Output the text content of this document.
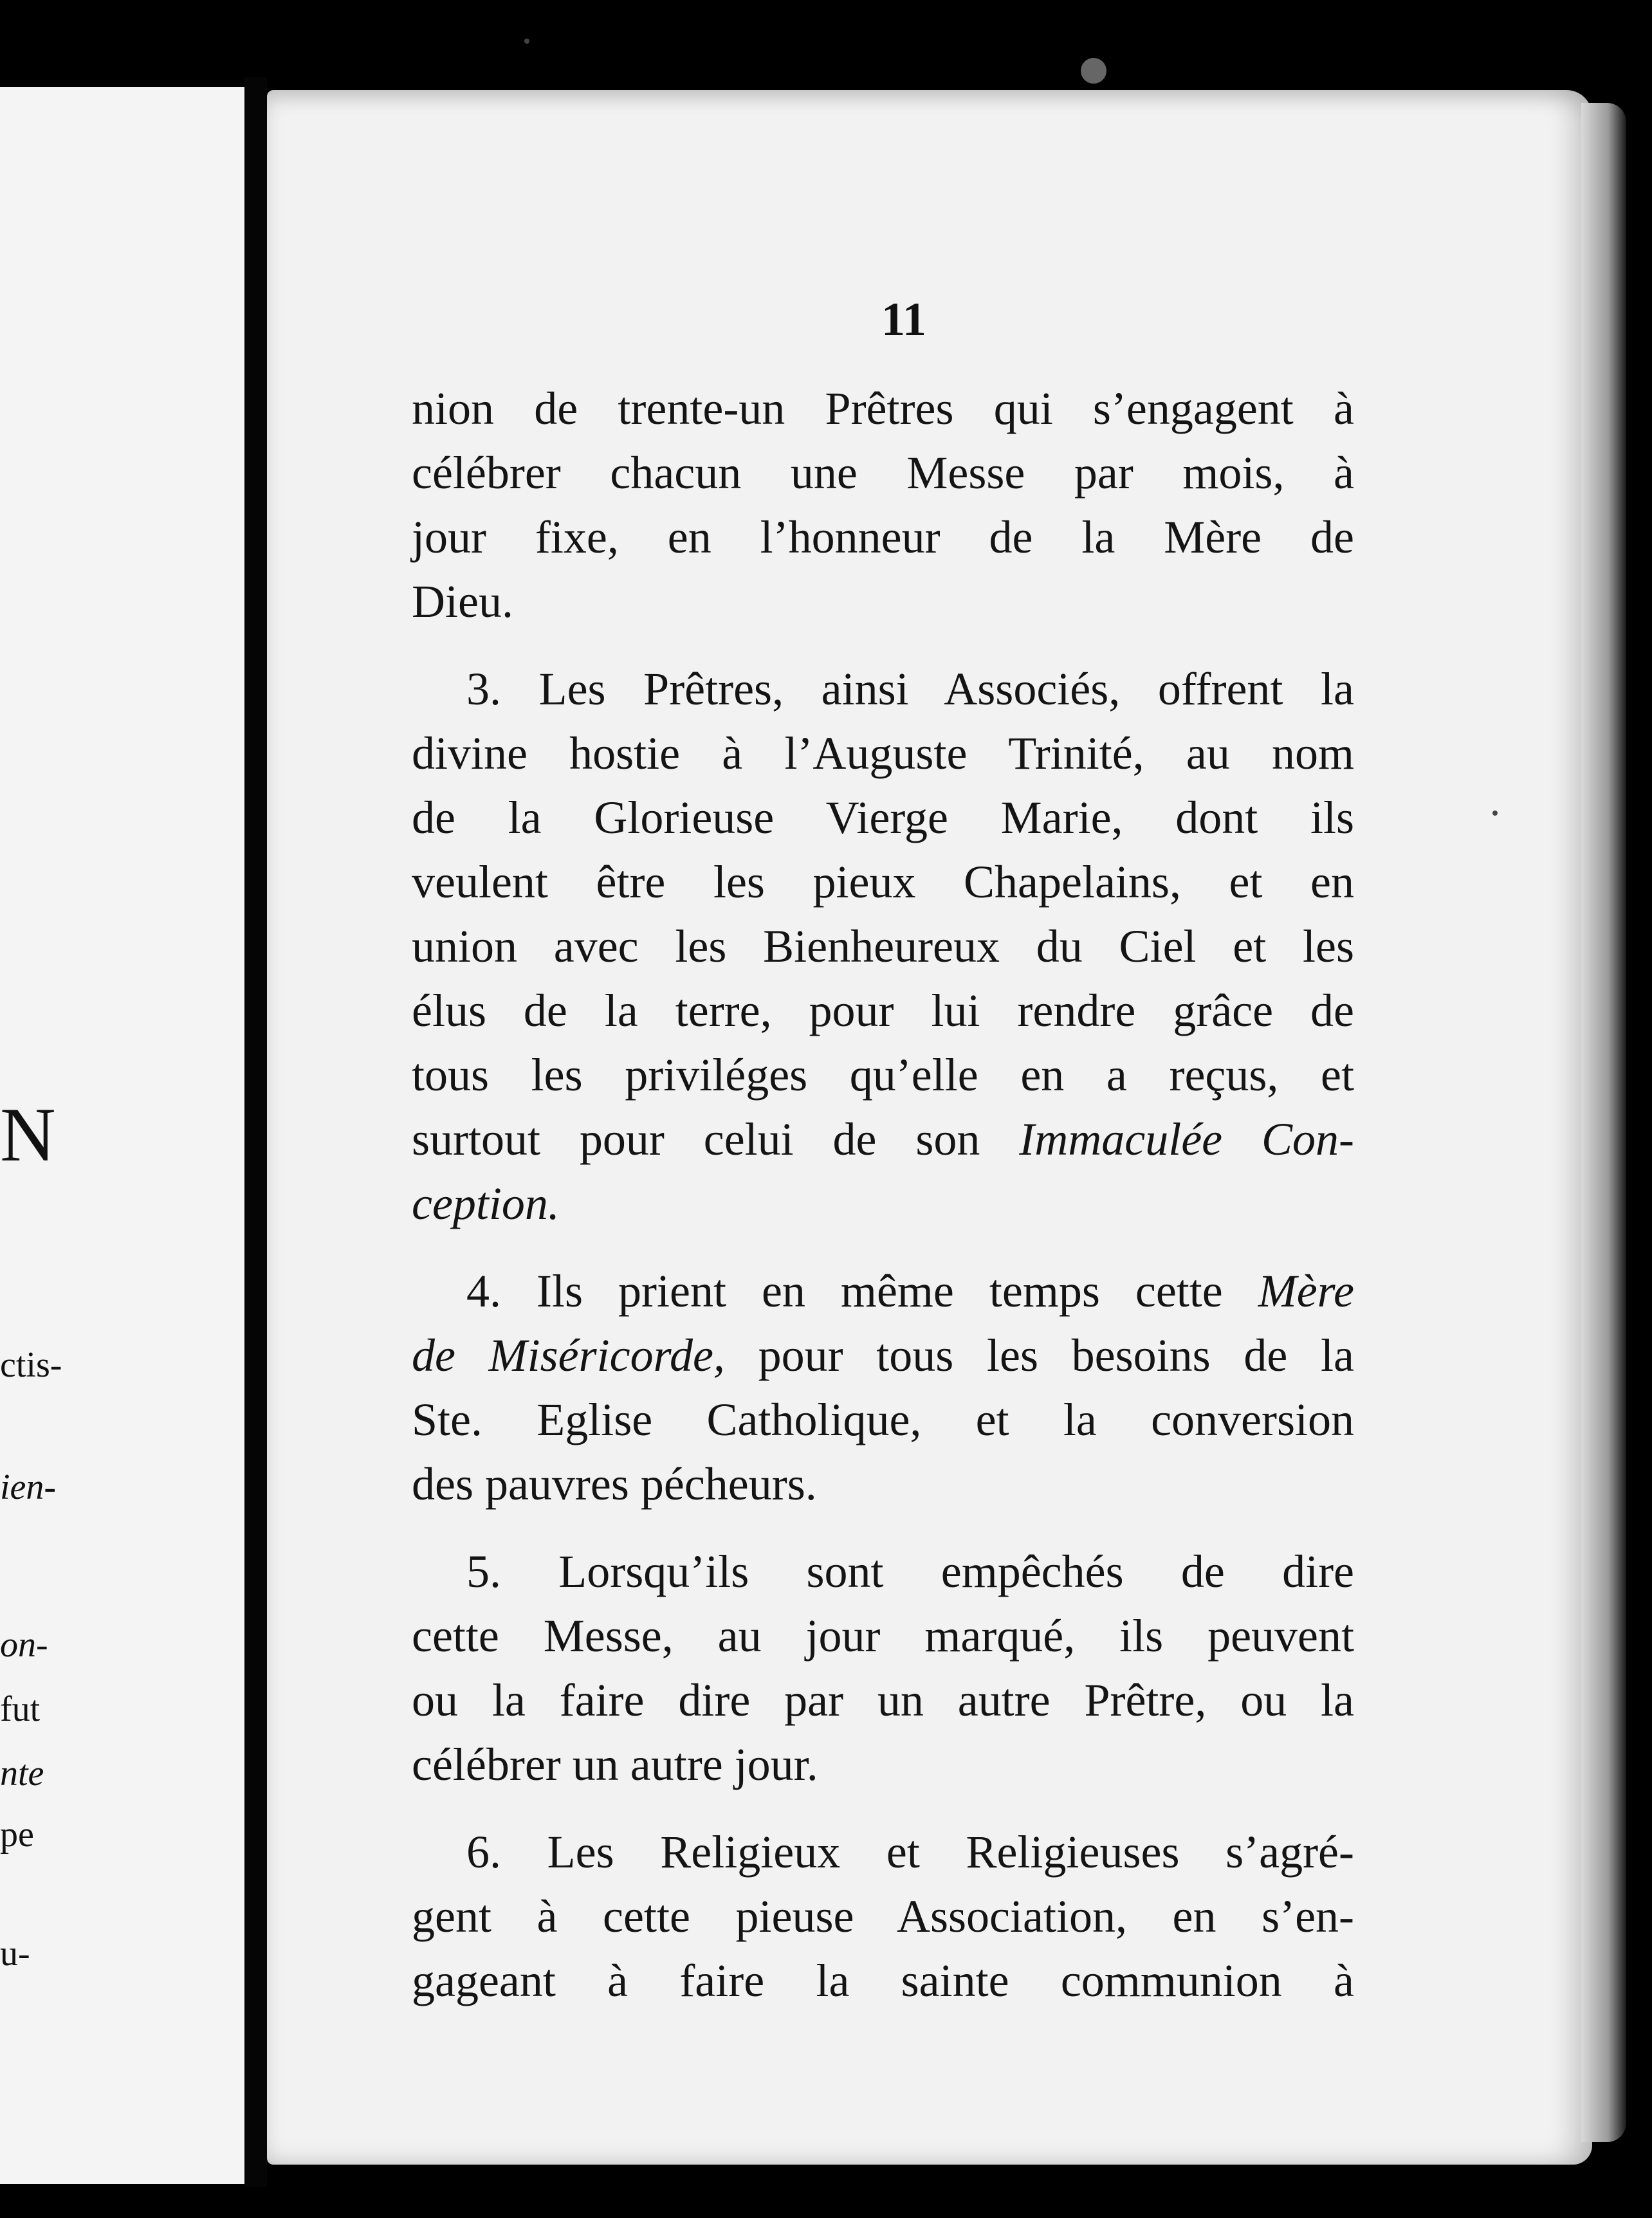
N
ctis-
ien-
on-
fut
nte
pe
u-
11
nion de trente-un Prêtres qui s’engagent à
célébrer chacun une Messe par mois, à
jour fixe, en l’honneur de la Mère de
Dieu.
3. Les Prêtres, ainsi Associés, offrent la
divine hostie à l’Auguste Trinité, au nom
de la Glorieuse Vierge Marie, dont ils
veulent être les pieux Chapelains, et en
union avec les Bienheureux du Ciel et les
élus de la terre, pour lui rendre grâce de
tous les priviléges qu’elle en a reçus, et
surtout pour celui de son Immaculée Con-
ception.
4. Ils prient en même temps cette Mère
de Miséricorde, pour tous les besoins de la
Ste. Eglise Catholique, et la conversion
des pauvres pécheurs.
5. Lorsqu’ils sont empêchés de dire
cette Messe, au jour marqué, ils peuvent
ou la faire dire par un autre Prêtre, ou la
célébrer un autre jour.
6. Les Religieux et Religieuses s’agré-
gent à cette pieuse Association, en s’en-
gageant à faire la sainte communion à
